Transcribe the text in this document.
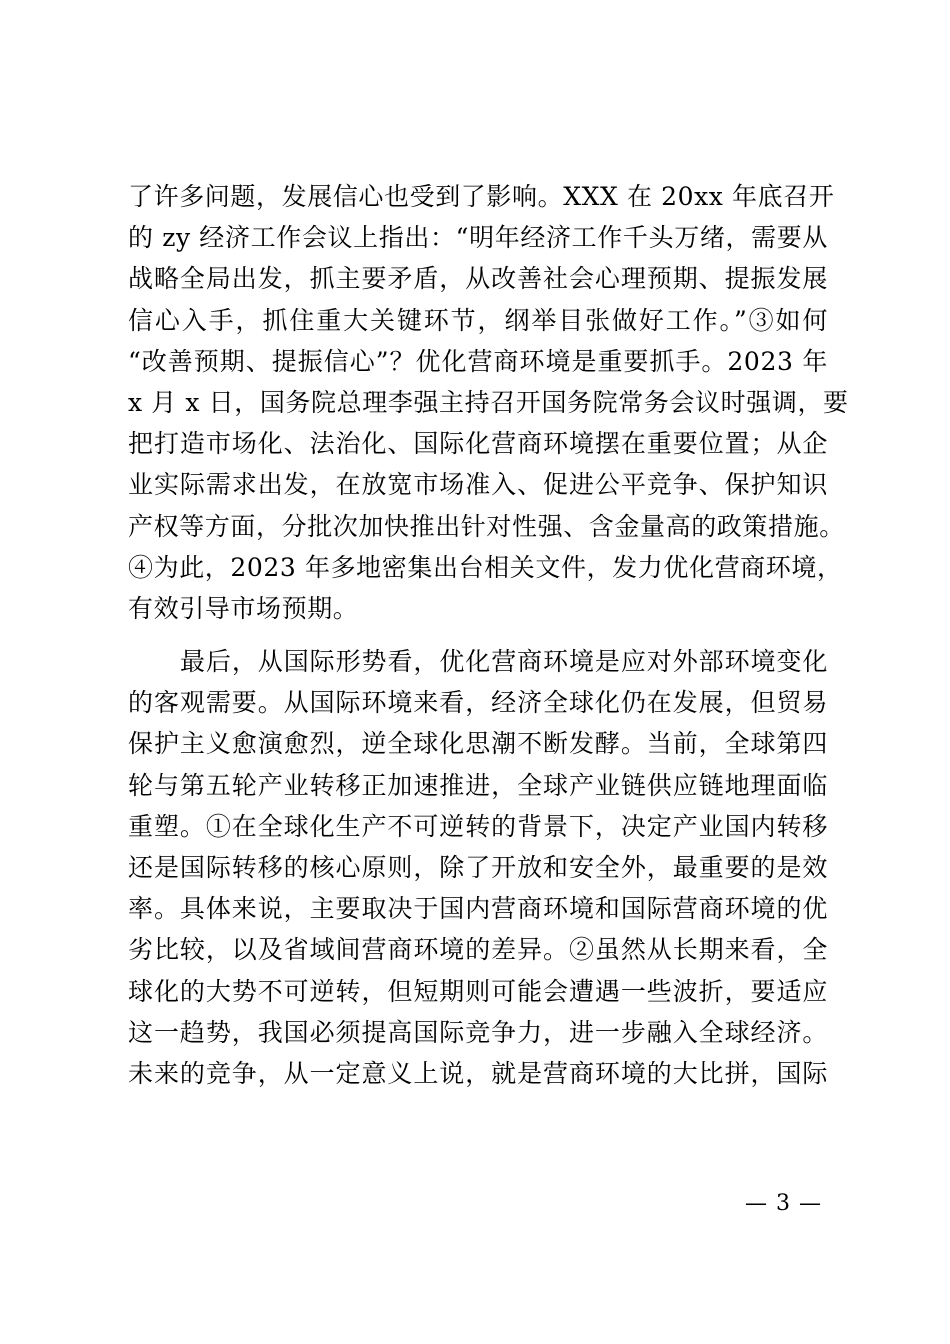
了许多问题，发展信心也受到了影响。XXX 在 20xx 年底召开
的 zy 经济工作会议上指出：“明年经济工作千头万绪，需要从
战略全局出发，抓主要矛盾，从改善社会心理预期、提振发展
信心入手，抓住重大关键环节，纲举目张做好工作。”③如何
“改善预期、提振信心”？优化营商环境是重要抓手。2023 年
x 月 x 日，国务院总理李强主持召开国务院常务会议时强调，要
把打造市场化、法治化、国际化营商环境摆在重要位置；从企
业实际需求出发，在放宽市场准入、促进公平竞争、保护知识
产权等方面，分批次加快推出针对性强、含金量高的政策措施。
④为此，2023 年多地密集出台相关文件，发力优化营商环境，
有效引导市场预期。
最后，从国际形势看，优化营商环境是应对外部环境变化
的客观需要。从国际环境来看，经济全球化仍在发展，但贸易
保护主义愈演愈烈，逆全球化思潮不断发酵。当前，全球第四
轮与第五轮产业转移正加速推进，全球产业链供应链地理面临
重塑。①在全球化生产不可逆转的背景下，决定产业国内转移
还是国际转移的核心原则，除了开放和安全外，最重要的是效
率。具体来说，主要取决于国内营商环境和国际营商环境的优
劣比较，以及省域间营商环境的差异。②虽然从长期来看，全
球化的大势不可逆转，但短期则可能会遭遇一些波折，要适应
这一趋势，我国必须提高国际竞争力，进一步融入全球经济。
未来的竞争，从一定意义上说，就是营商环境的大比拼，国际
— 3 —
